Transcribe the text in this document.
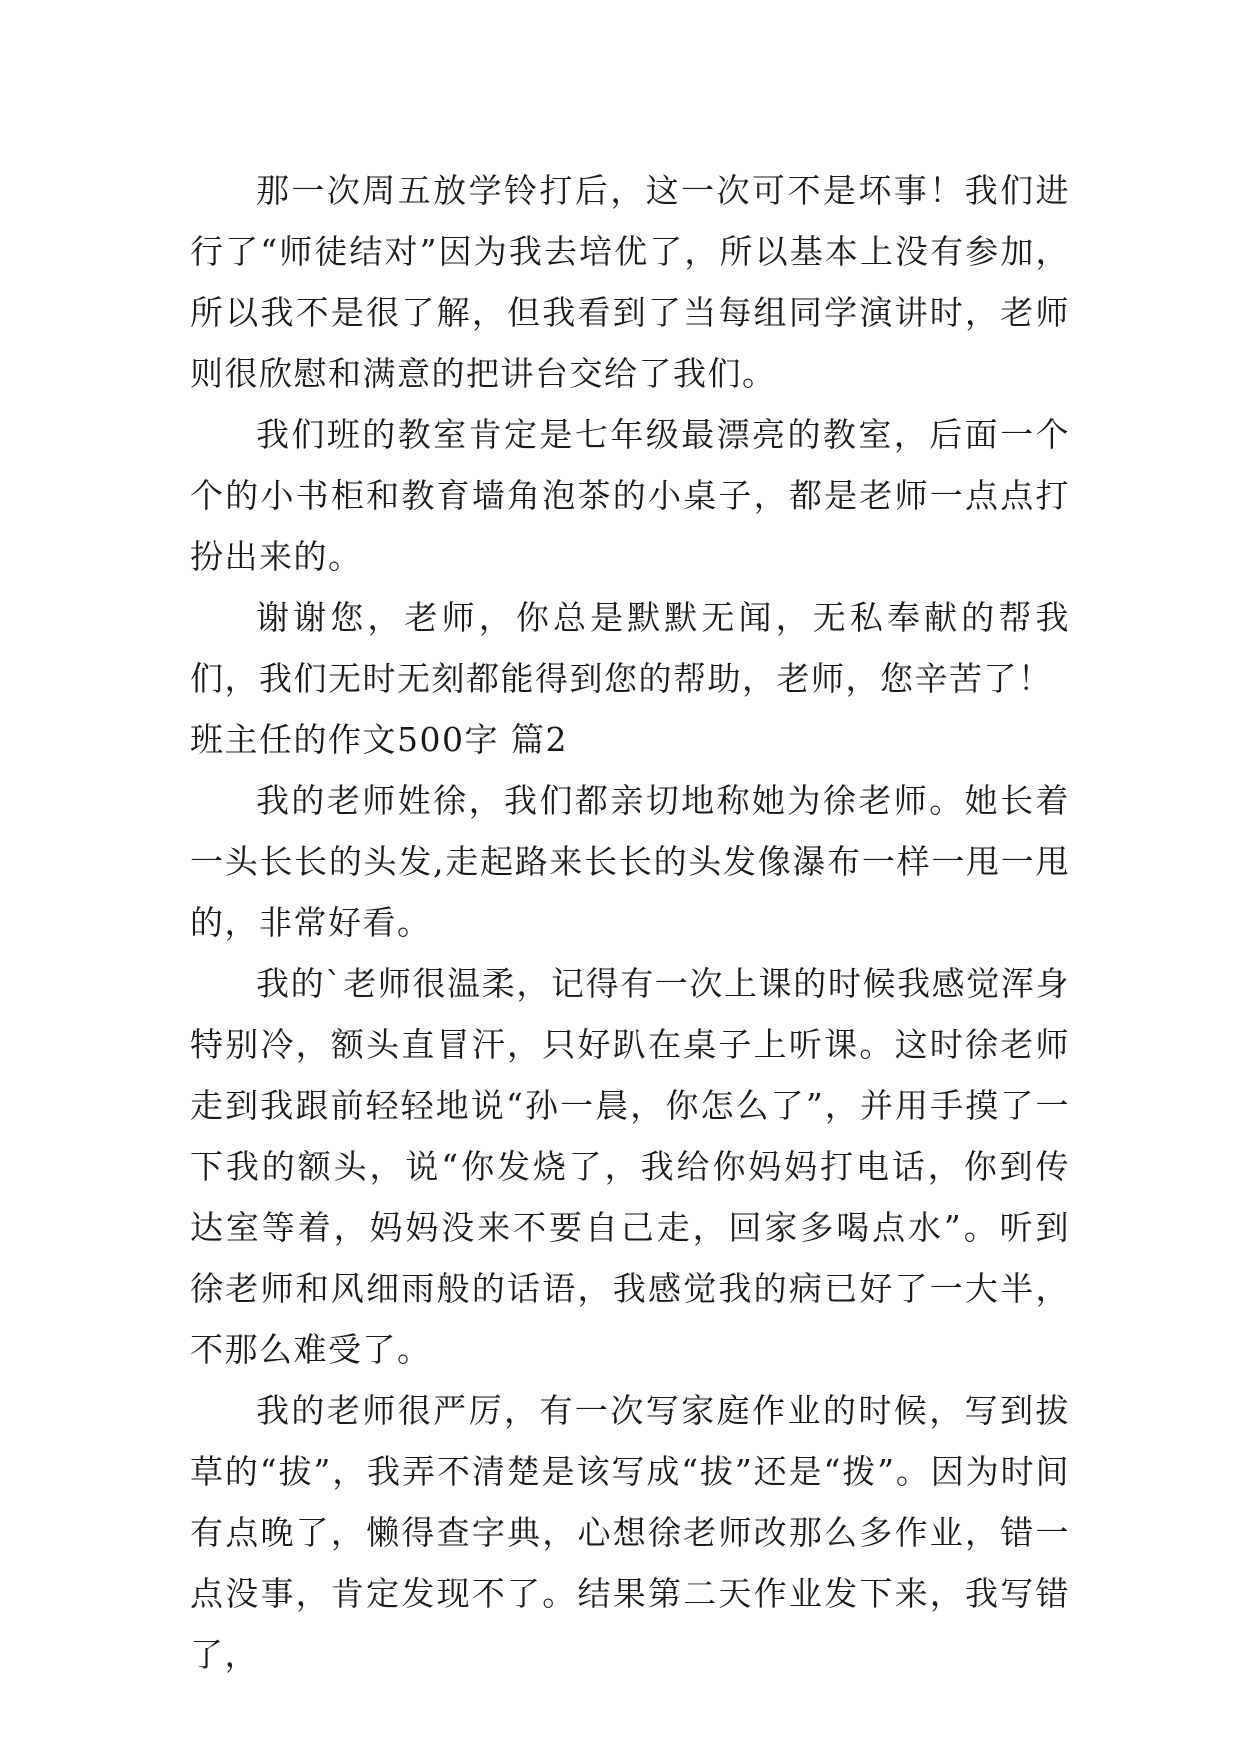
那一次周五放学铃打后，这一次可不是坏事！我们进行了“师徒结对”因为我去培优了，所以基本上没有参加，所以我不是很了解，但我看到了当每组同学演讲时，老师则很欣慰和满意的把讲台交给了我们。

我们班的教室肯定是七年级最漂亮的教室，后面一个个的小书柜和教育墙角泡茶的小桌子，都是老师一点点打扮出来的。

谢谢您，老师，你总是默默无闻，无私奉献的帮我们，我们无时无刻都能得到您的帮助，老师，您辛苦了！

班主任的作文500字 篇2

我的老师姓徐，我们都亲切地称她为徐老师。她长着一头长长的头发,走起路来长长的头发像瀑布一样一甩一甩的，非常好看。

我的`老师很温柔，记得有一次上课的时候我感觉浑身特别冷，额头直冒汗，只好趴在桌子上听课。这时徐老师走到我跟前轻轻地说“孙一晨，你怎么了”，并用手摸了一下我的额头，说“你发烧了，我给你妈妈打电话，你到传达室等着，妈妈没来不要自己走，回家多喝点水”。听到徐老师和风细雨般的话语，我感觉我的病已好了一大半，不那么难受了。

我的老师很严厉，有一次写家庭作业的时候，写到拔草的“拔”，我弄不清楚是该写成“拔”还是“拨”。因为时间有点晚了，懒得查字典，心想徐老师改那么多作业，错一点没事，肯定发现不了。结果第二天作业发下来，我写错了，
